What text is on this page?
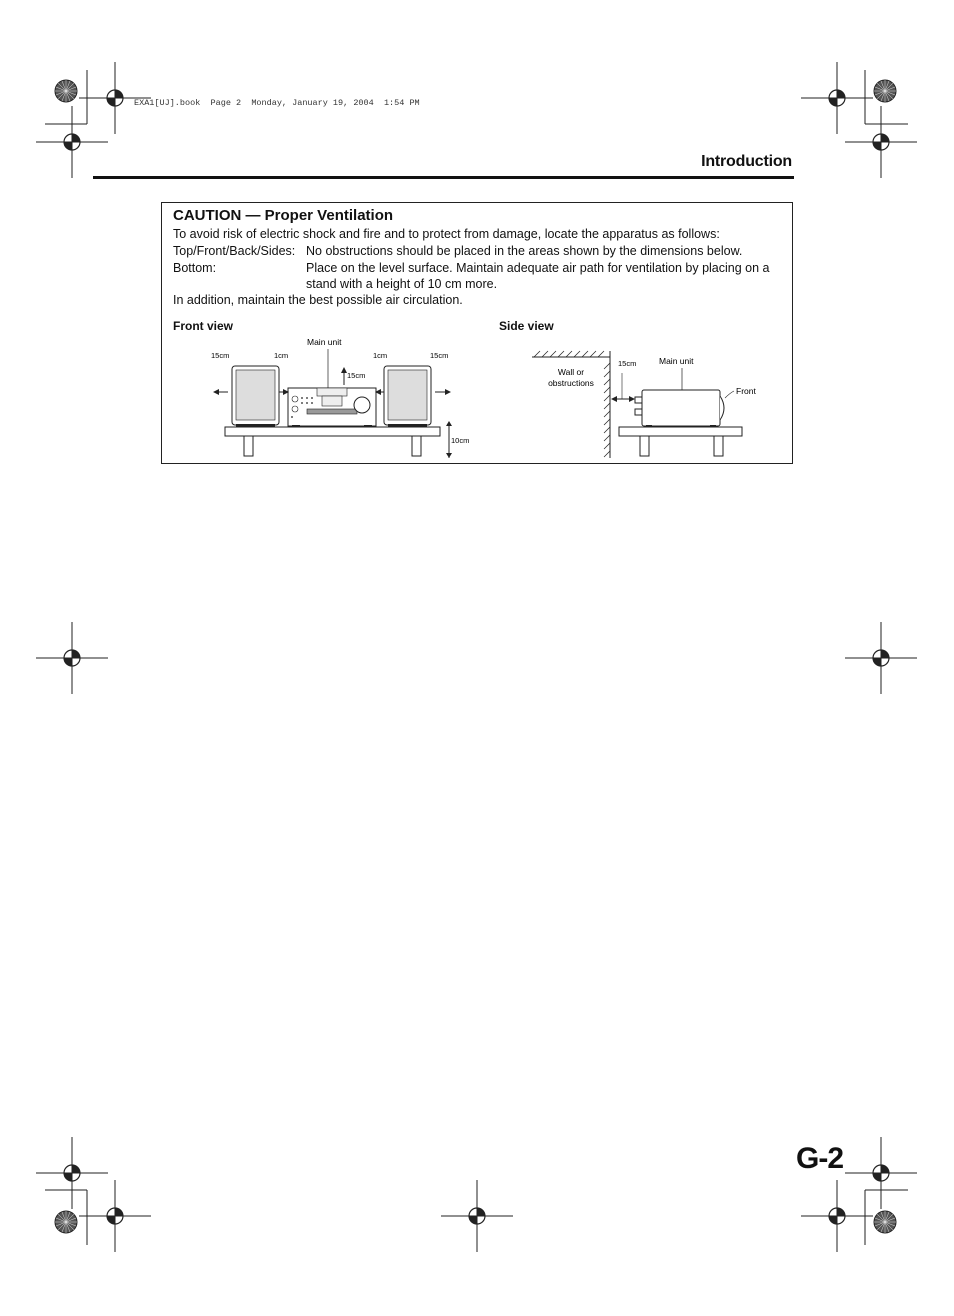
EXA1[UJ].book  Page 2  Monday, January 19, 2004  1:54 PM
Introduction
CAUTION — Proper Ventilation
To avoid risk of electric shock and fire and to protect from damage, locate the apparatus as follows:
Top/Front/Back/Sides: No obstructions should be placed in the areas shown by the dimensions below.
Bottom:	Place on the level surface. Maintain adequate air path for ventilation by placing on a stand with a height of 10 cm more.
In addition, maintain the best possible air circulation.
Front view	Side view
15cm	1cm	1cm	15cm
Main unit
15cm
10cm
Wall or
obstructions
15cm	Main unit
Front
G-2
